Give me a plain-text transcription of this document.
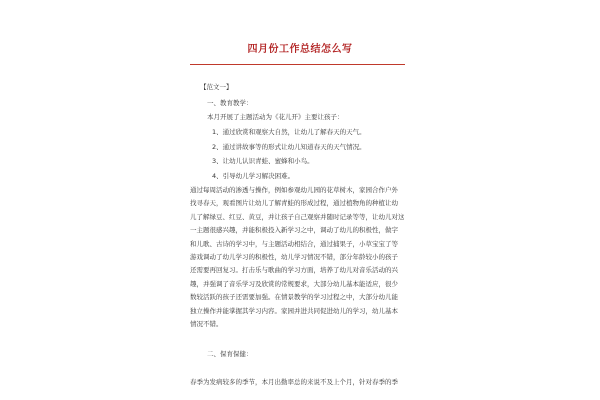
四月份工作总结怎么写
【范文一】
一、教育教学：
本月开展了主题活动为《花儿开》主要让孩子：
1、通过欣赏和观察大自然，让幼儿了解春天的天气。
2、通过讲故事等的形式让幼儿知道春天的天气情况。
3、让幼儿认识青蛙、蜜蜂和小鸟。
4、引导幼儿学习解决困难。
通过每周活动的渗透与操作，例如参观幼儿园的花草树木，家园合作户外
找寻春天，观看图片让幼儿了解青蛙的形成过程，通过植物角的种植让幼
儿了解绿豆、红豆、黄豆，并让孩子自己观察并随时记录等等，让幼儿对这
一主题很感兴趣，并能积极投入新学习之中，调动了幼儿的积极性，做字
和儿歌、古诗的学习中，与主题活动相结合，通过捕果子，小草宝宝了等
游戏调动了幼儿学习的积极性，幼儿学习情况不错，部分年龄较小的孩子
还需要再回复习。打击乐与歌曲的学习方面，培养了幼儿对音乐活动的兴
趣，并强调了音乐学习及欣赏的常规要求，大部分幼儿基本能适应，很少
数较活跃的孩子还需要加强。在情景教学的学习过程之中，大部分幼儿能
独立操作并能掌握其学习内容。家园并进共同促进幼儿的学习，幼儿基本
情况不错。
二、保育保健：
春季为发病较多的季节，本月出勤率总的来说不及上个月，针对春季的季
